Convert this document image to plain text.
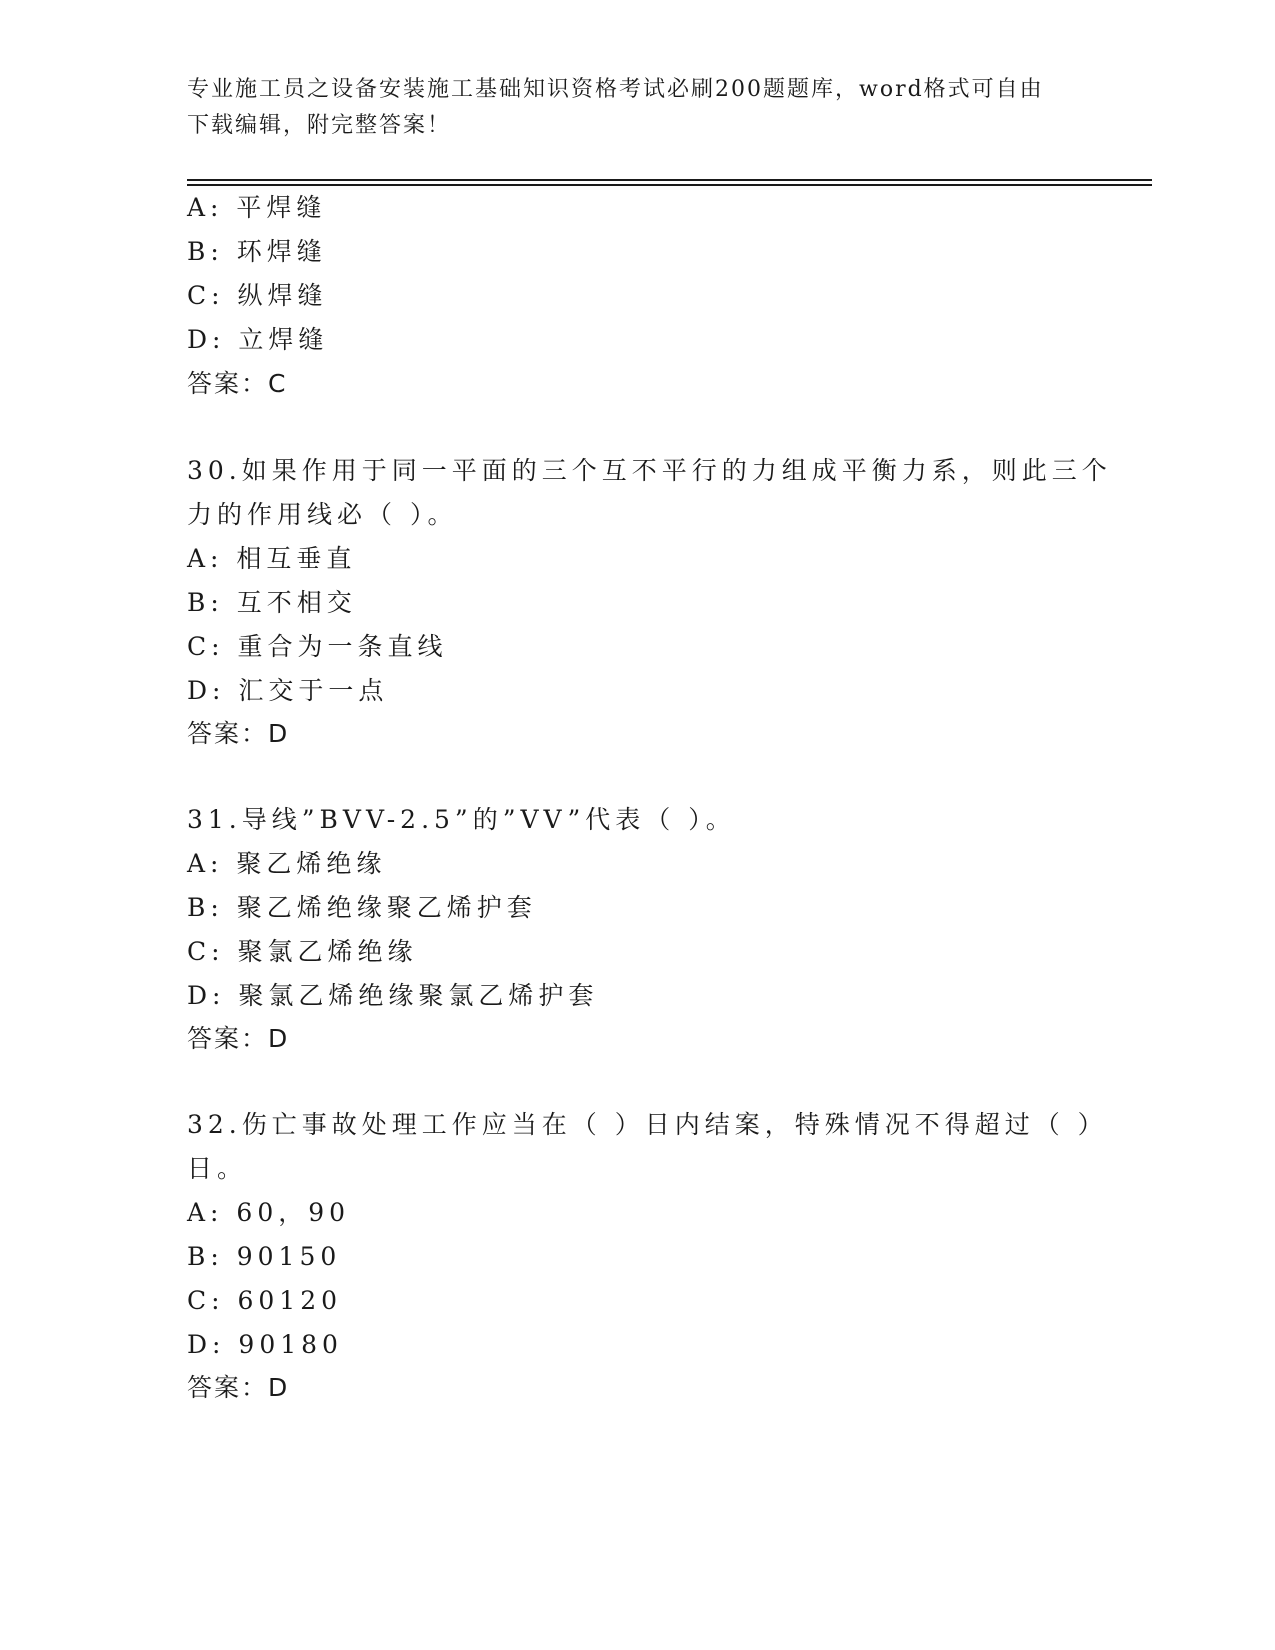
专业施工员之设备安装施工基础知识资格考试必刷200题题库，word格式可自由下载编辑，附完整答案！
A: 平焊缝
B: 环焊缝
C: 纵焊缝
D: 立焊缝
答案：C
30.如果作用于同一平面的三个互不平行的力组成平衡力系，则此三个
力的作用线必（ ）。
A: 相互垂直
B: 互不相交
C: 重合为一条直线
D: 汇交于一点
答案：D
31.导线”BVV-2.5”的”VV”代表（ ）。
A: 聚乙烯绝缘
B: 聚乙烯绝缘聚乙烯护套
C: 聚氯乙烯绝缘
D: 聚氯乙烯绝缘聚氯乙烯护套
答案：D
32.伤亡事故处理工作应当在（ ）日内结案，特殊情况不得超过（ ）
日。
A: 60，90
B: 90150
C: 60120
D: 90180
答案：D
